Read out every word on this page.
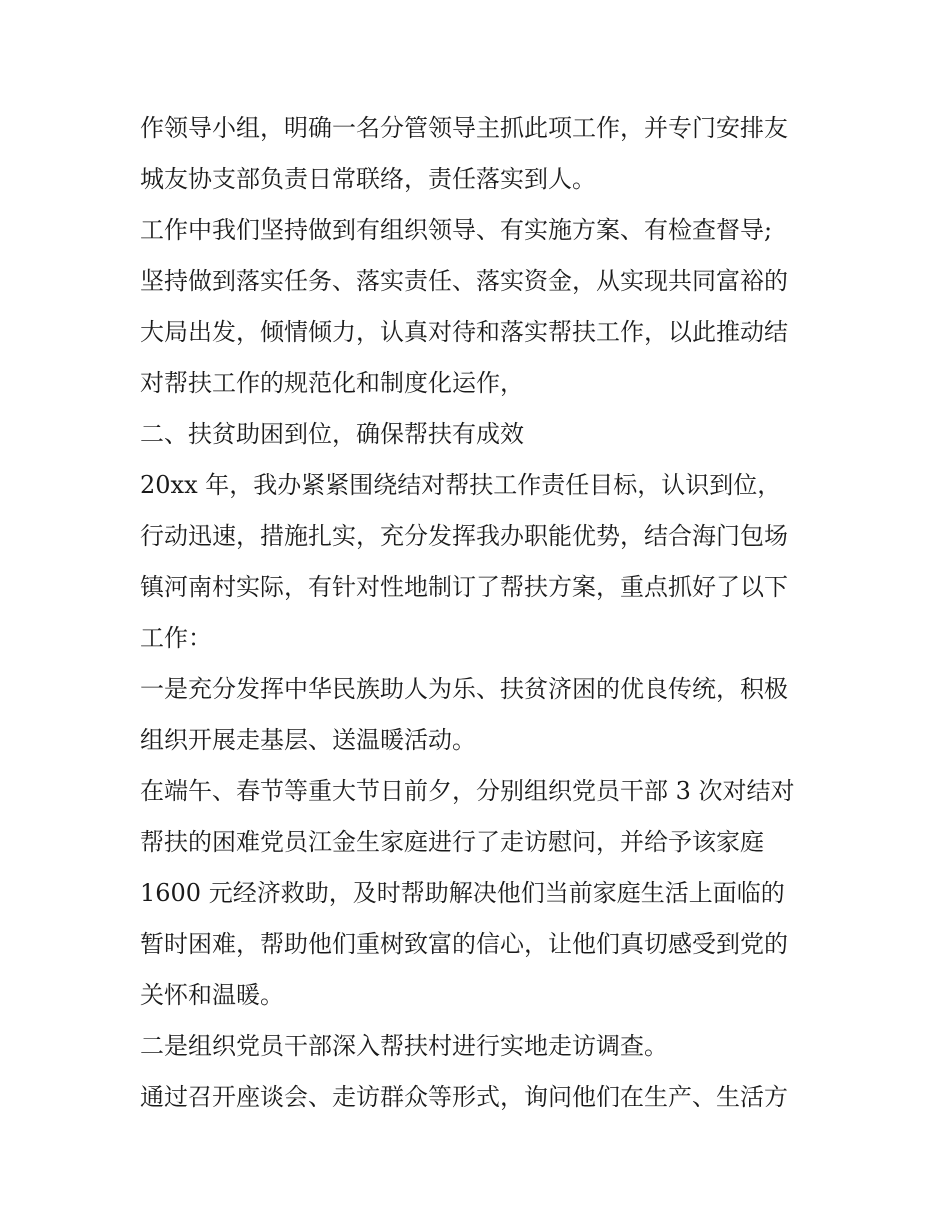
作领导小组，明确一名分管领导主抓此项工作，并专门安排友
城友协支部负责日常联络，责任落实到人。
工作中我们坚持做到有组织领导、有实施方案、有检查督导;
坚持做到落实任务、落实责任、落实资金，从实现共同富裕的
大局出发，倾情倾力，认真对待和落实帮扶工作，以此推动结
对帮扶工作的规范化和制度化运作，
二、扶贫助困到位，确保帮扶有成效
20xx 年，我办紧紧围绕结对帮扶工作责任目标，认识到位，
行动迅速，措施扎实，充分发挥我办职能优势，结合海门包场
镇河南村实际，有针对性地制订了帮扶方案，重点抓好了以下
工作：
一是充分发挥中华民族助人为乐、扶贫济困的优良传统，积极
组织开展走基层、送温暖活动。
在端午、春节等重大节日前夕，分别组织党员干部 3 次对结对
帮扶的困难党员江金生家庭进行了走访慰问，并给予该家庭
1600 元经济救助，及时帮助解决他们当前家庭生活上面临的
暂时困难，帮助他们重树致富的信心，让他们真切感受到党的
关怀和温暖。
二是组织党员干部深入帮扶村进行实地走访调查。
通过召开座谈会、走访群众等形式，询问他们在生产、生活方
